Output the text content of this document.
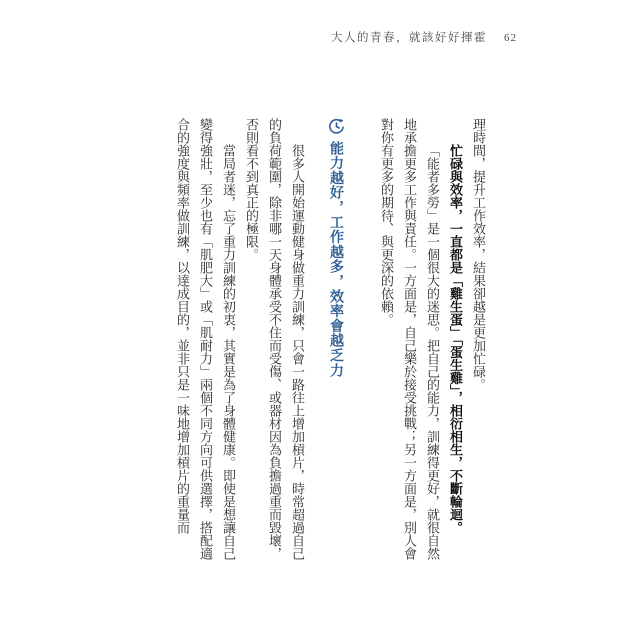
大人的青春，就該好好揮霍 62

理時間，提升工作效率，結果卻越是更加忙碌。

忙碌與效率，一直都是「雞生蛋」「蛋生雞」，相衍相生，不斷輪迴。

「能者多勞」是一個很大的迷思。把自己的能力，訓練得更好，就很自然地承擔更多工作與責任。一方面是，自己樂於接受挑戰；另一方面是，別人會對你有更多的期待、與更深的依賴。

能力越好，工作越多，效率會越乏力

很多人開始運動健身做重力訓練，只會一路往上增加槓片，時常超過自己的負荷範圍，除非哪一天身體承受不住而受傷、或器材因為負擔過重而毀壞，否則看不到真正的極限。

當局者迷，忘了重力訓練的初衷，其實是為了身體健康。即使是想讓自己變得強壯，至少也有「肌肥大」或「肌耐力」兩個不同方向可供選擇，搭配適合的強度與頻率做訓練，以達成目的，並非只是一味地增加槓片的重量而
